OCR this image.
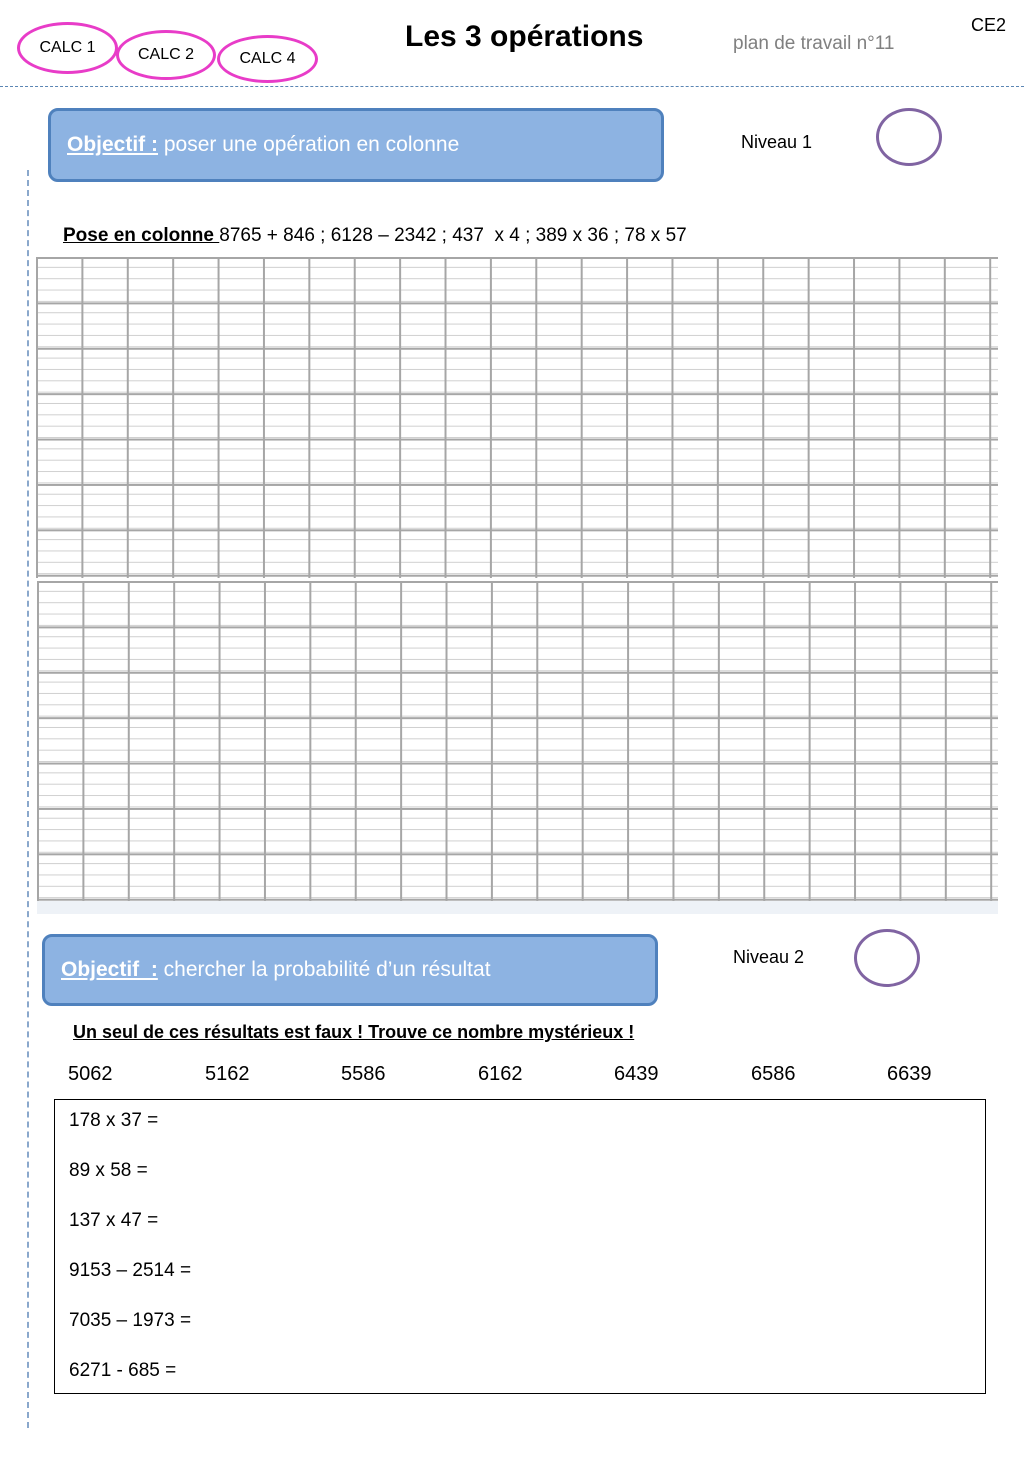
CALC 1	CALC 2	CALC 4
Les 3 opérations	plan de travail n°11
CE2
Objectif : poser une opération en colonne	Niveau 1
Pose en colonne 8765 + 846 ; 6128 – 2342 ; 437  x 4 ; 389 x 36 ; 78 x 57
Objectif  : chercher la probabilité d’un résultat
Niveau 2
Un seul de ces résultats est faux ! Trouve ce nombre mystérieux !
5062	5162	5586	6162	6439	6586	6639
178 x 37 =
89 x 58 =
137 x 47 =
9153 – 2514 =
7035 – 1973 =
6271 - 685 =
